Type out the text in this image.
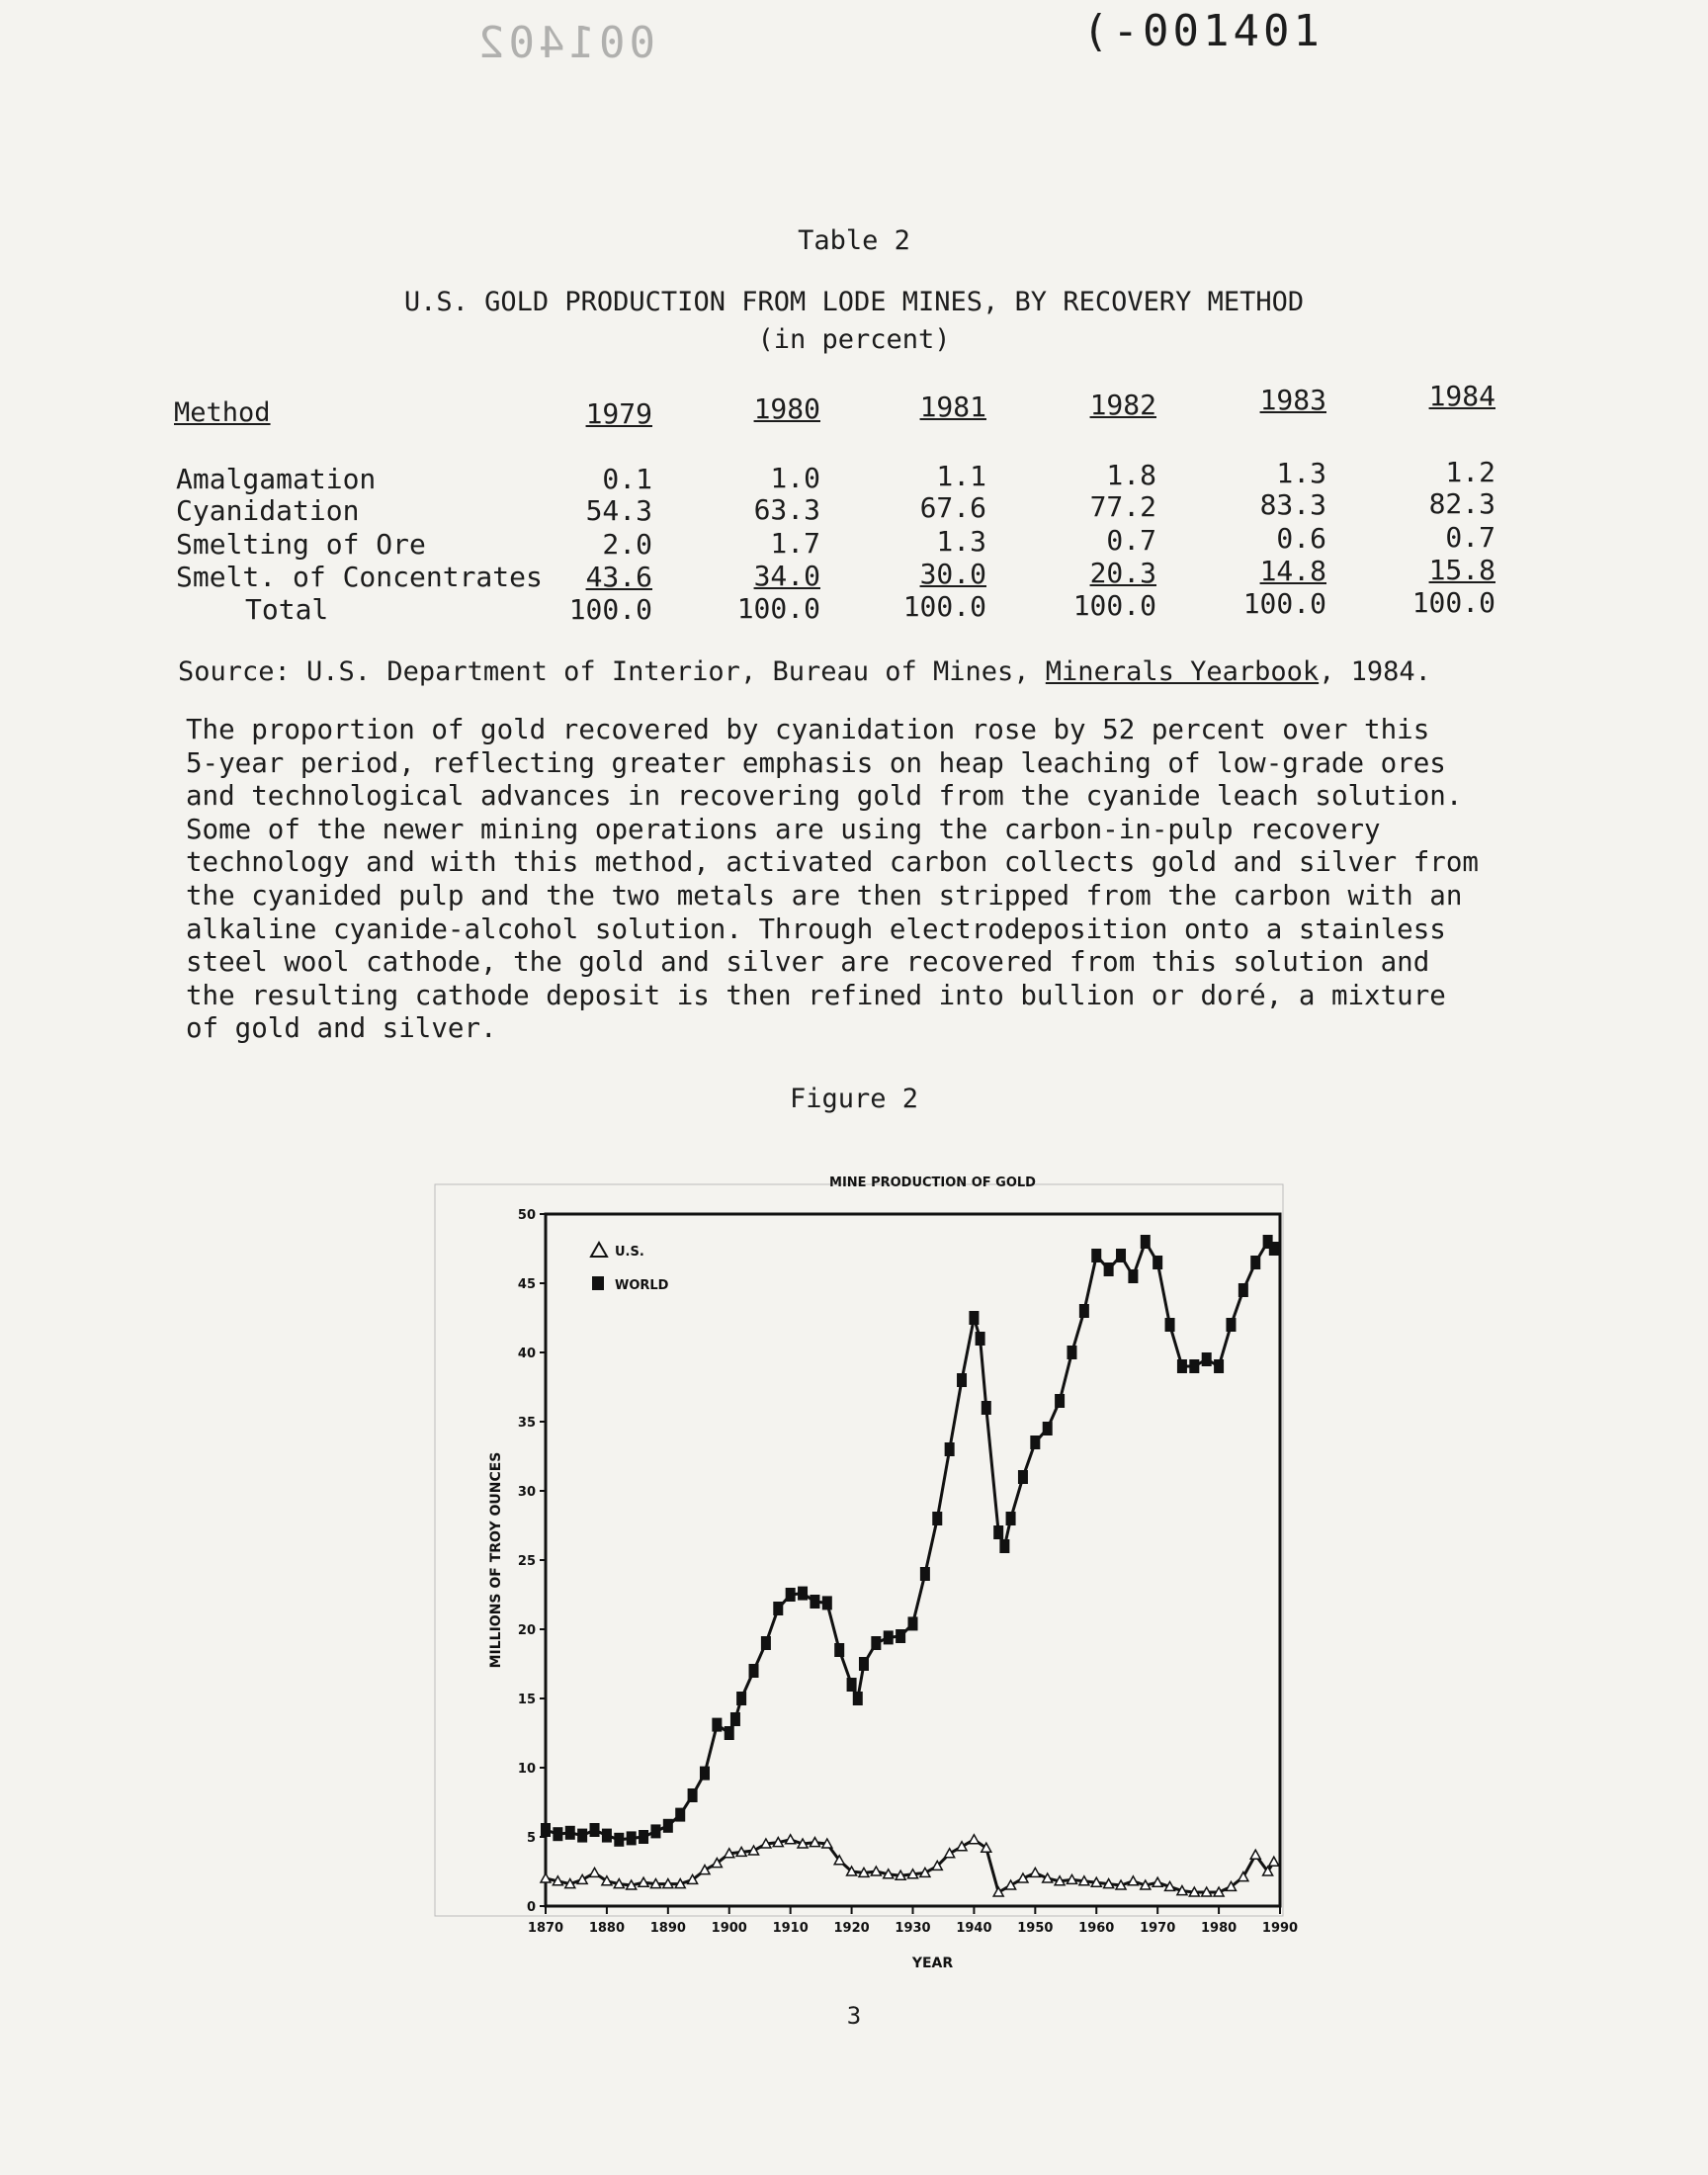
(-001401
001402
Table 2
U.S. GOLD PRODUCTION FROM LODE MINES, BY RECOVERY METHOD
(in percent)
Method	1979	1980	1981	1982	1983	1984
Amalgamation	0.1	1.0	1.1	1.8	1.3	1.2
Cyanidation	54.3	63.3	67.6	77.2	83.3	82.3
Smelting of Ore	2.0	1.7	1.3	0.7	0.6	0.7
Smelt. of Concentrates	43.6	34.0	30.0	20.3	14.8	15.8
Total	100.0	100.0	100.0	100.0	100.0	100.0
Source: U.S. Department of Interior, Bureau of Mines, Minerals Yearbook, 1984.
The proportion of gold recovered by cyanidation rose by 52 percent over this
5-year period, reflecting greater emphasis on heap leaching of low-grade ores
and technological advances in recovering gold from the cyanide leach solution.
Some of the newer mining operations are using the carbon-in-pulp recovery
technology and with this method, activated carbon collects gold and silver from
the cyanided pulp and the two metals are then stripped from the carbon with an
alkaline cyanide-alcohol solution. Through electrodeposition onto a stainless
steel wool cathode, the gold and silver are recovered from this solution and
the resulting cathode deposit is then refined into bullion or doré, a mixture
of gold and silver.
Figure 2
MINE PRODUCTION OF GOLD
YEAR
MILLIONS OF TROY OUNCES
1870 1880 1890 1900 1910 1920 1930 1940 1950 1960 1970 1980 1990
0
5
10
15
20
25
30
35
40
45
50
U.S.
WORLD
3
